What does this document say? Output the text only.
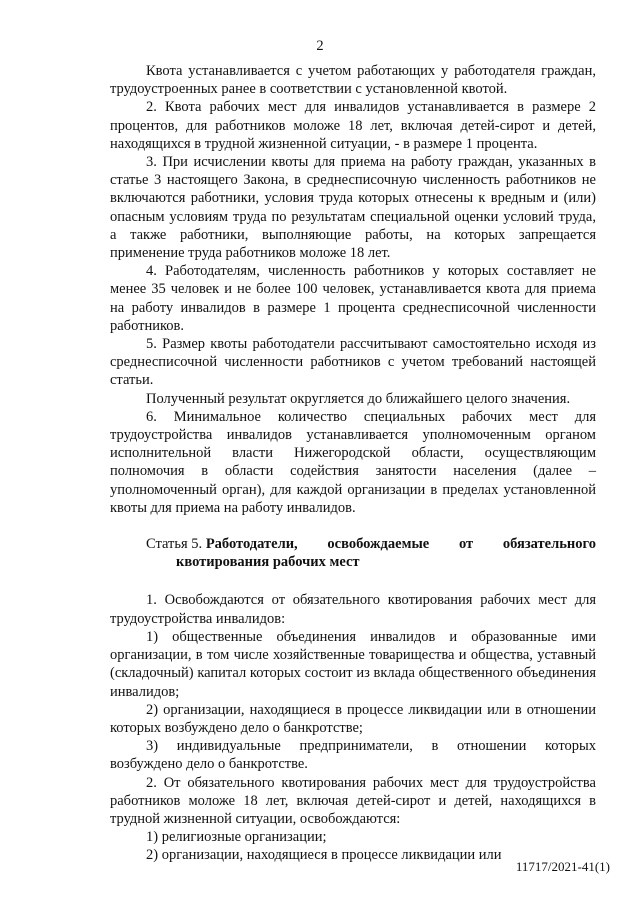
2

Квота устанавливается с учетом работающих у работодателя граждан, трудоустроенных ранее в соответствии с установленной квотой.

2. Квота рабочих мест для инвалидов устанавливается в размере 2 процентов, для работников моложе 18 лет, включая детей-сирот и детей, находящихся в трудной жизненной ситуации, - в размере 1 процента.

3. При исчислении квоты для приема на работу граждан, указанных в статье 3 настоящего Закона, в среднесписочную численность работников не включаются работники, условия труда которых отнесены к вредным и (или) опасным условиям труда по результатам специальной оценки условий труда, а также работники, выполняющие работы, на которых запрещается применение труда работников моложе 18 лет.

4. Работодателям, численность работников у которых составляет не менее 35 человек и не более 100 человек, устанавливается квота для приема на работу инвалидов в размере 1 процента среднесписочной численности работников.

5. Размер квоты работодатели рассчитывают самостоятельно исходя из среднесписочной численности работников с учетом требований настоящей статьи.

Полученный результат округляется до ближайшего целого значения.

6. Минимальное количество специальных рабочих мест для трудоустройства инвалидов устанавливается уполномоченным органом исполнительной власти Нижегородской области, осуществляющим полномочия в области содействия занятости населения (далее – уполномоченный орган), для каждой организации в пределах установленной квоты для приема на работу инвалидов.

Статья 5. Работодатели, освобождаемые от обязательного

квотирования рабочих мест

1. Освобождаются от обязательного квотирования рабочих мест для трудоустройства инвалидов:

1) общественные объединения инвалидов и образованные ими организации, в том числе хозяйственные товарищества и общества, уставный (складочный) капитал которых состоит из вклада общественного объединения инвалидов;

2) организации, находящиеся в процессе ликвидации или в отношении которых возбуждено дело о банкротстве;

3) индивидуальные предприниматели, в отношении которых возбуждено дело о банкротстве.

2. От обязательного квотирования рабочих мест для трудоустройства работников моложе 18 лет, включая детей-сирот и детей, находящихся в трудной жизненной ситуации, освобождаются:

1) религиозные организации;

2) организации, находящиеся в процессе ликвидации или

11717/2021-41(1)
